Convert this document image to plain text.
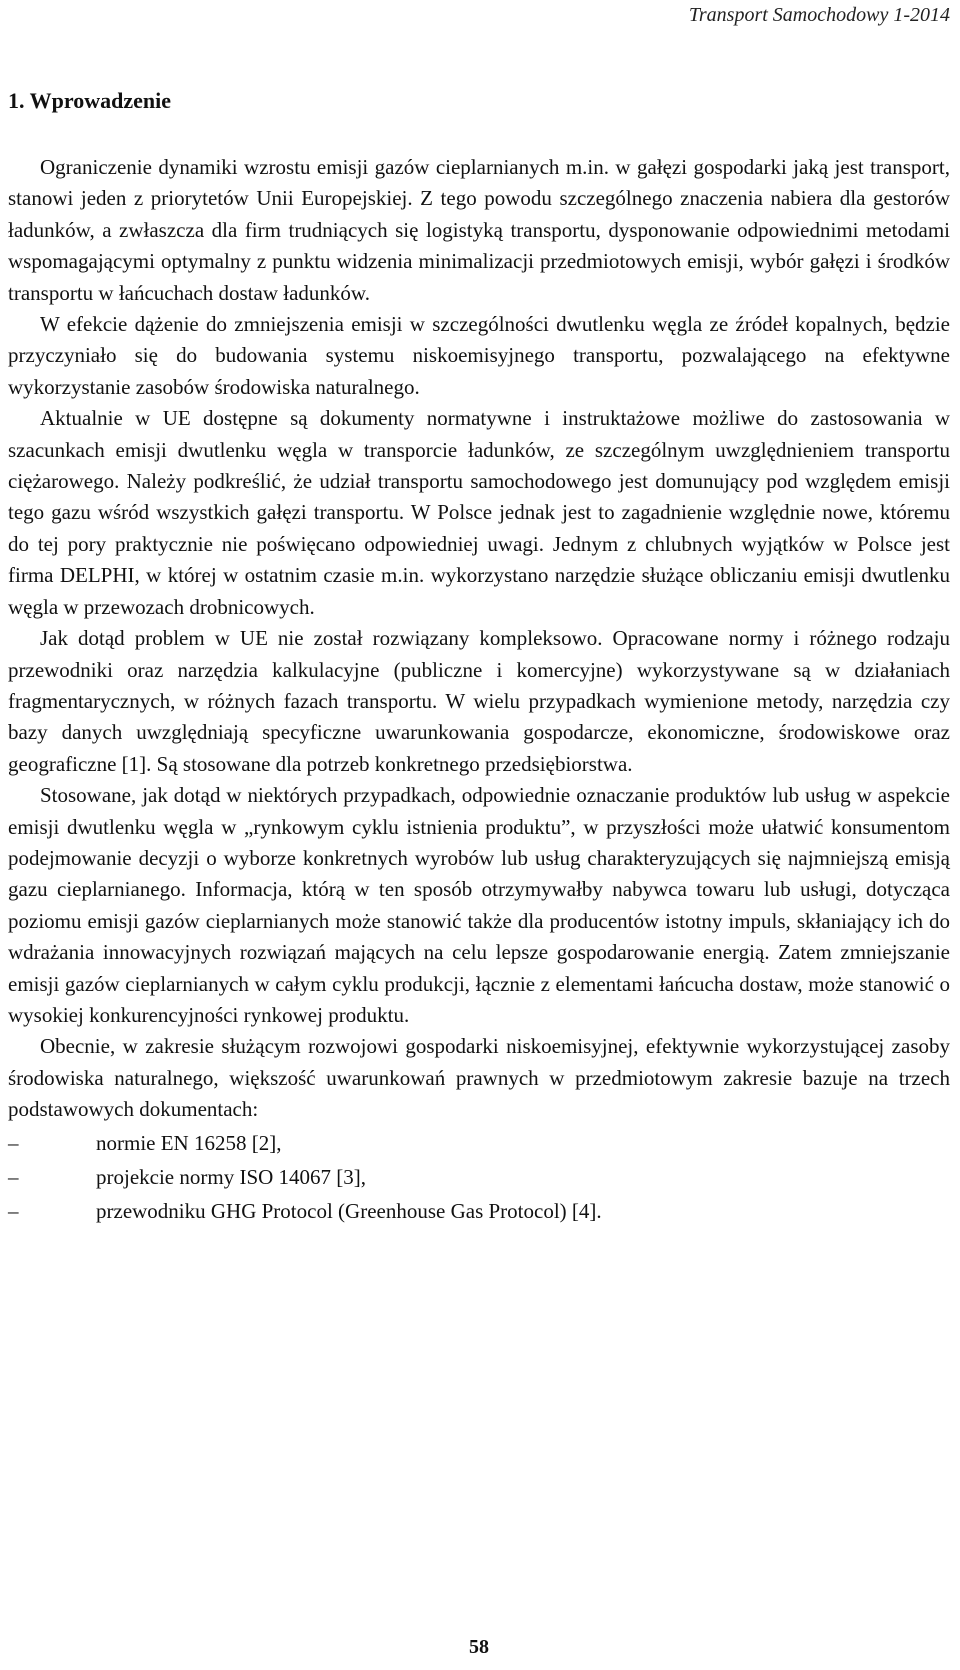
Transport Samochodowy 1-2014
1. Wprowadzenie

Ograniczenie dynamiki wzrostu emisji gazów cieplarnianych m.in. w gałęzi gospodarki jaką jest transport, stanowi jeden z priorytetów Unii Europejskiej. Z tego powodu szczególnego znaczenia nabiera dla gestorów ładunków, a zwłaszcza dla firm trudniących się logistyką transportu, dysponowanie odpowiednimi metodami wspomagającymi optymalny z punktu widzenia minimalizacji przedmiotowych emisji, wybór gałęzi i środków transportu w łańcuchach dostaw ładunków.

W efekcie dążenie do zmniejszenia emisji w szczególności dwutlenku węgla ze źródeł kopalnych, będzie przyczyniało się do budowania systemu niskoemisyjnego transportu, pozwalającego na efektywne wykorzystanie zasobów środowiska naturalnego.

Aktualnie w UE dostępne są dokumenty normatywne i instruktażowe możliwe do zastosowania w szacunkach emisji dwutlenku węgla w transporcie ładunków, ze szczególnym uwzględnieniem transportu ciężarowego. Należy podkreślić, że udział transportu samochodowego jest domunujący pod względem emisji tego gazu wśród wszystkich gałęzi transportu. W Polsce jednak jest to zagadnienie względnie nowe, któremu do tej pory praktycznie nie poświęcano odpowiedniej uwagi. Jednym z chlubnych wyjątków w Polsce jest firma DELPHI, w której w ostatnim czasie m.in. wykorzystano narzędzie służące obliczaniu emisji dwutlenku węgla w przewozach drobnicowych.

Jak dotąd problem w UE nie został rozwiązany kompleksowo. Opracowane normy i różnego rodzaju przewodniki oraz narzędzia kalkulacyjne (publiczne i komercyjne) wykorzystywane są w działaniach fragmentarycznych, w różnych fazach transportu. W wielu przypadkach wymienione metody, narzędzia czy bazy danych uwzględniają specyficzne uwarunkowania gospodarcze, ekonomiczne, środowiskowe oraz geograficzne [1]. Są stosowane dla potrzeb konkretnego przedsiębiorstwa.

Stosowane, jak dotąd w niektórych przypadkach, odpowiednie oznaczanie produktów lub usług w aspekcie emisji dwutlenku węgla w „rynkowym cyklu istnienia produktu”, w przyszłości może ułatwić konsumentom podejmowanie decyzji o wyborze konkretnych wyrobów lub usług charakteryzujących się najmniejszą emisją gazu cieplarnianego. Informacja, którą w ten sposób otrzymywałby nabywca towaru lub usługi, dotycząca poziomu emisji gazów cieplarnianych może stanowić także dla producentów istotny impuls, skłaniający ich do wdrażania innowacyjnych rozwiązań mających na celu lepsze gospodarowanie energią. Zatem zmniejszanie emisji gazów cieplarnianych w całym cyklu produkcji, łącznie z elementami łańcucha dostaw, może stanowić o wysokiej konkurencyjności rynkowej produktu.

Obecnie, w zakresie służącym rozwojowi gospodarki niskoemisyjnej, efektywnie wykorzystującej zasoby środowiska naturalnego, większość uwarunkowań prawnych w przedmiotowym zakresie bazuje na trzech podstawowych dokumentach:

–	normie EN 16258 [2],
–	projekcie normy ISO 14067 [3],
–	przewodniku GHG Protocol (Greenhouse Gas Protocol) [4].
58
